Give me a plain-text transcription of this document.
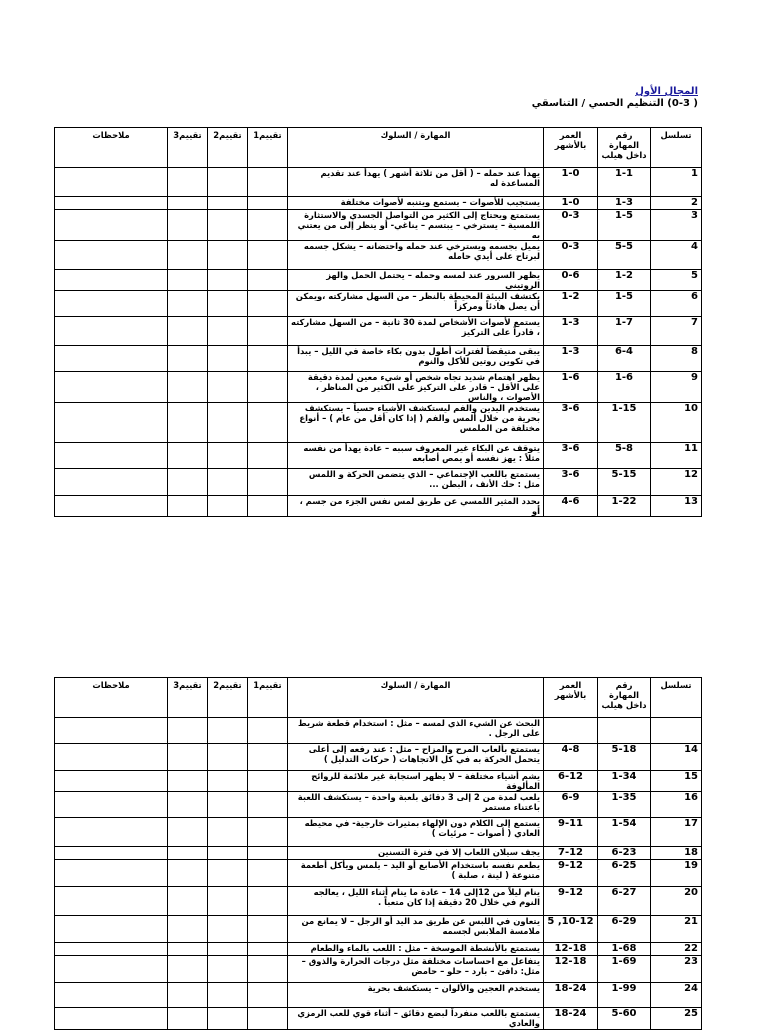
المجال الأول
( 0-3) التنظيم الحسي / التناسقي
ملاحظات	تقييم3	تقييم2	تقييم1	المهارة / السلوك	العمر بالأشهر	رقم المهارة داخل هيلب	تسلسل
				يهدأ عند حمله – ( أقل من ثلاثة أشهر ) يهدأ عند تقديم المساعدة له	1-0	1-1	1
				يستجيب للأصوات – يستمع ويتنبه لأصوات مختلفة	1-0	1-3	2
				يستمتع ويحتاج إلى الكثير من التواصل الجسدي والاستثارة اللمسية – يسترخي – يبتسم – يناغي- أو ينظر إلى من يعتني به	0-3	1-5	3
				يميل بجسمه ويسترخي عند حمله واحتضانه – يشكل جسمه لبرتاح على أيدي حامله	0-3	5-5	4
				يظهر السرور عند لمسه وحمله – يحتمل الحمل والهز الروتيني	0-6	1-2	5
				يكتشف البيئة المحيطة بالنظر – من السهل مشاركته ،ويمكن أن يصل هادئاً ومركزاً	1-2	1-5	6
				يستمع لأصوات الأشخاص لمدة 30 ثانية – من السهل مشاركته ، قادراً على التركيز	1-3	1-7	7
				يبقى متيقضاً لفترات أطول بدون بكاء خاصة في الليل – يبدأ في تكوين روتين للأكل والنوم	1-3	6-4	8
				يظهر اهتمام شديد تجاه شخص أو شيء معين لمدة دقيقة على الأقل – قادر على التركيز على الكثير من المناظر ، الأصوات ، والناس	1-6	1-6	9
				يستخدم اليدين والفم ليستكشف الأشياء حسياً – يستكشف بحرية من خلال ألمس والفم ( إذا كان أقل من عام ) – أنواع مختلفة من الملمس	3-6	1-15	10
				يتوقف عن البكاء غير المعروف سببه – عادة يهدأ من نفسه مثلاً : يهز نفسه أو يمص أصابعه	3-6	5-8	11
				يستمتع باللعب الإجتماعي – الذي يتضمن الحركة و اللمس مثل : حك الأنف ، البطن ...	3-6	5-15	12
				يحدد المثير اللمسي عن طريق لمس نفس الجزء من جسم ، أو	4-6	1-22	13
ملاحظات	تقييم3	تقييم2	تقييم1	المهارة / السلوك	العمر بالأشهر	رقم المهارة داخل هيلب	تسلسل
				البحث عن الشيء الذي لمسه – مثل : استخدام قطعة شريط على الرجل .			
				يستمتع بألعاب المرح والمزاح – مثل : عند رفعه إلى أعلى يتحمل الحركة به في كل الاتجاهات ( حركات التدليل )	4-8	5-18	14
				يشم أشياء مختلفة – لا يظهر استجابة غير ملائمة للروائح المألوفة	6-12	1-34	15
				يلعب لمدة من 2 إلى 3 دقائق بلعبة واحدة – يستكشف اللعبة باعتناء مستمر	6-9	1-35	16
				يستمع إلى الكلام دون الإلهاء بمثيرات خارجية- في محيطه العادي ( أصوات – مرئيات )	9-11	1-54	17
				يجف سيلان اللعاب إلا في فترة التسنين	7-12	6-23	18
				يطعم نفسه باستخدام الأصابع أو اليد – يلمس ويأكل أطعمة متنوعة ( لينة ، صلبة )	9-12	6-25	19
				ينام ليلاً من 12إلى 14 – عادة ما ينام أثناء الليل ، يعالجه النوم في خلال 20 دقيقة إذا كان متعباً .	9-12	6-27	20
				يتعاون في اللبس عن طريق مد اليد أو الرجل – لا يمانع من ملامسة الملابس لجسمه	5 ,10-12	6-29	21
				يستمتع بالأنشطة الموسخة – مثل : اللعب بالماء والطعام	12-18	1-68	22
				يتفاعل مع احساسات مختلفة مثل درجات الحرارة والذوق –مثل: دافئ – بارد – حلو – حامض	12-18	1-69	23
				يستخدم العجين والألوان – يستكشف بحرية	18-24	1-99	24
				يستمتع باللعب منفرداً لبضع دقائق – أثناء قوي للعب الرمزي والعادي	18-24	5-60	25
